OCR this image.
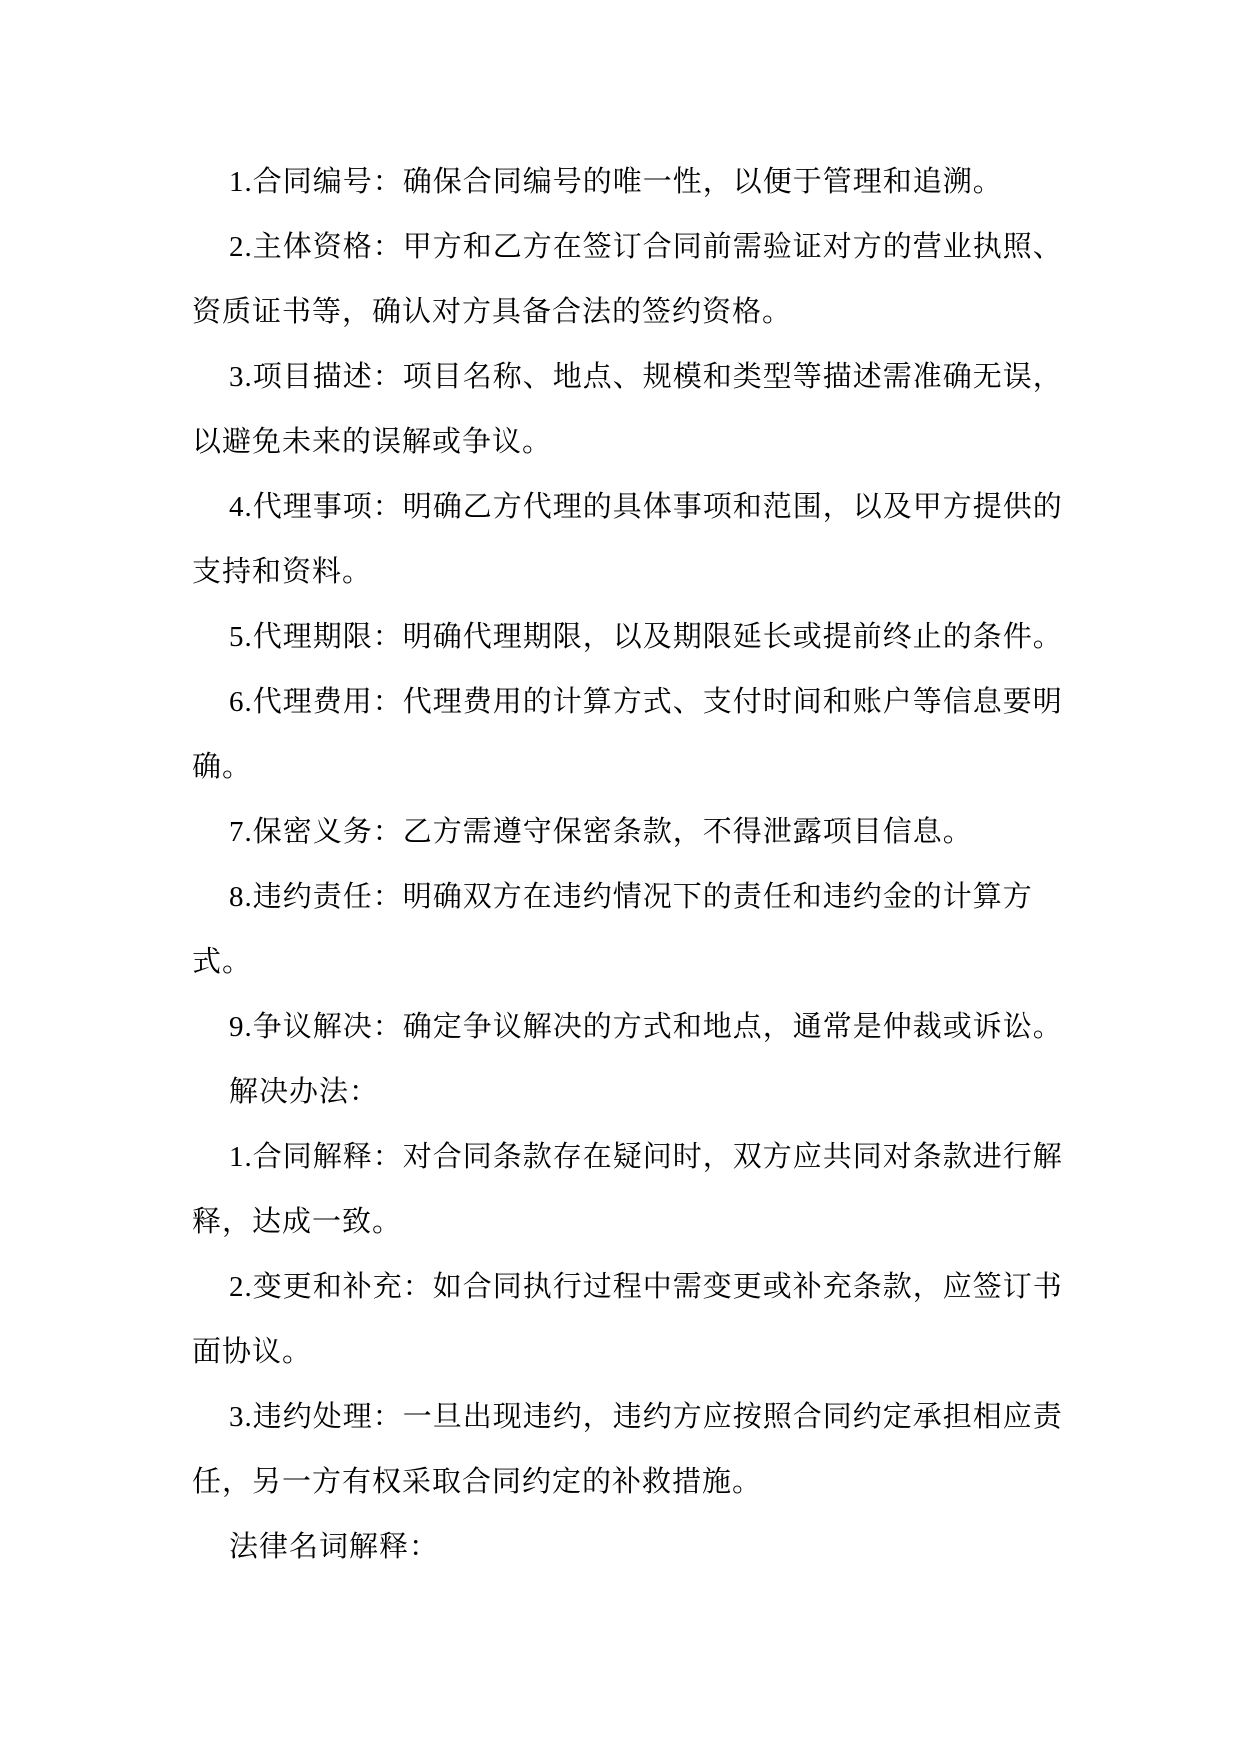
1.合同编号：确保合同编号的唯一性，以便于管理和追溯。
2.主体资格：甲方和乙方在签订合同前需验证对方的营业执照、
资质证书等，确认对方具备合法的签约资格。
3.项目描述：项目名称、地点、规模和类型等描述需准确无误，
以避免未来的误解或争议。
4.代理事项：明确乙方代理的具体事项和范围，以及甲方提供的
支持和资料。
5.代理期限：明确代理期限，以及期限延长或提前终止的条件。
6.代理费用：代理费用的计算方式、支付时间和账户等信息要明
确。
7.保密义务：乙方需遵守保密条款，不得泄露项目信息。
8.违约责任：明确双方在违约情况下的责任和违约金的计算方
式。
9.争议解决：确定争议解决的方式和地点，通常是仲裁或诉讼。
解决办法：
1.合同解释：对合同条款存在疑问时，双方应共同对条款进行解
释，达成一致。
2.变更和补充：如合同执行过程中需变更或补充条款，应签订书
面协议。
3.违约处理：一旦出现违约，违约方应按照合同约定承担相应责
任，另一方有权采取合同约定的补救措施。
法律名词解释：
